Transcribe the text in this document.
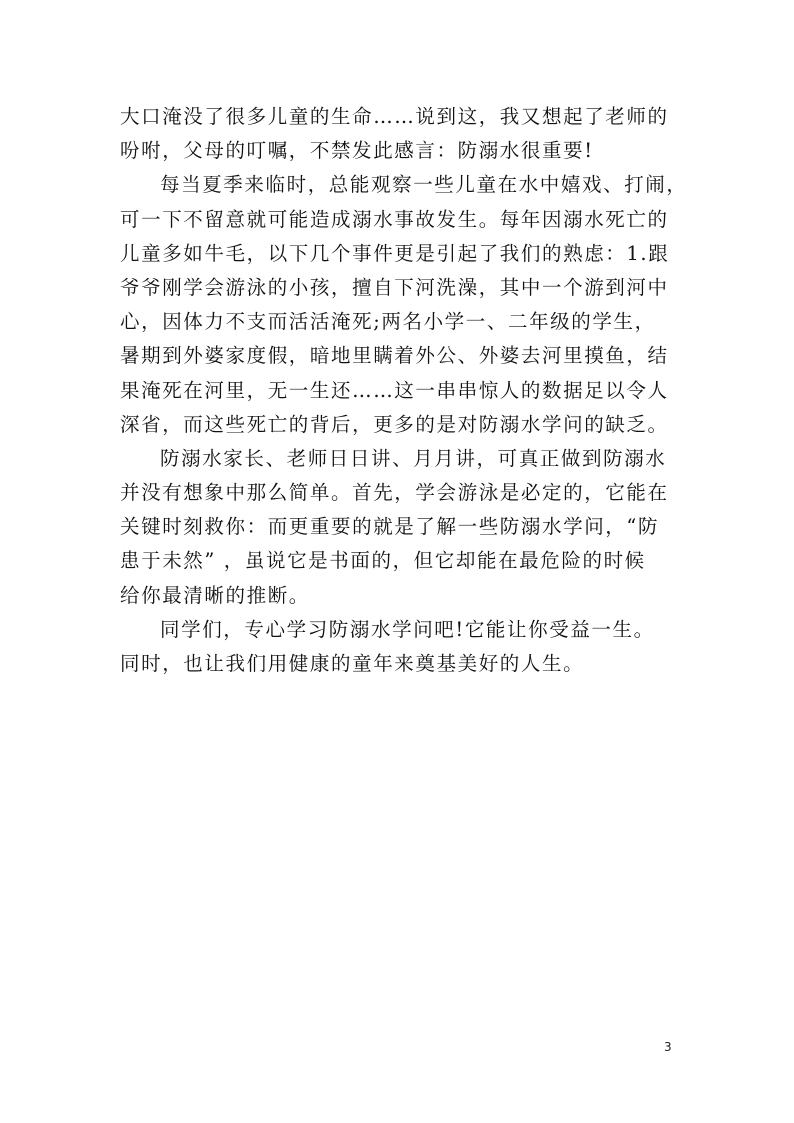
大口淹没了很多儿童的生命……说到这，我又想起了老师的
吩咐，父母的叮嘱，不禁发此感言：防溺水很重要!
每当夏季来临时，总能观察一些儿童在水中嬉戏、打闹，
可一下不留意就可能造成溺水事故发生。每年因溺水死亡的
儿童多如牛毛，以下几个事件更是引起了我们的熟虑：1.跟
爷爷刚学会游泳的小孩，擅自下河洗澡，其中一个游到河中
心，因体力不支而活活淹死;两名小学一、二年级的学生，
暑期到外婆家度假，暗地里瞒着外公、外婆去河里摸鱼，结
果淹死在河里，无一生还……这一串串惊人的数据足以令人
深省，而这些死亡的背后，更多的是对防溺水学问的缺乏。
防溺水家长、老师日日讲、月月讲，可真正做到防溺水
并没有想象中那么简单。首先，学会游泳是必定的，它能在
关键时刻救你：而更重要的就是了解一些防溺水学问，“防
患于未然” ，虽说它是书面的，但它却能在最危险的时候
给你最清晰的推断。
同学们，专心学习防溺水学问吧!它能让你受益一生。
同时，也让我们用健康的童年来奠基美好的人生。
3
